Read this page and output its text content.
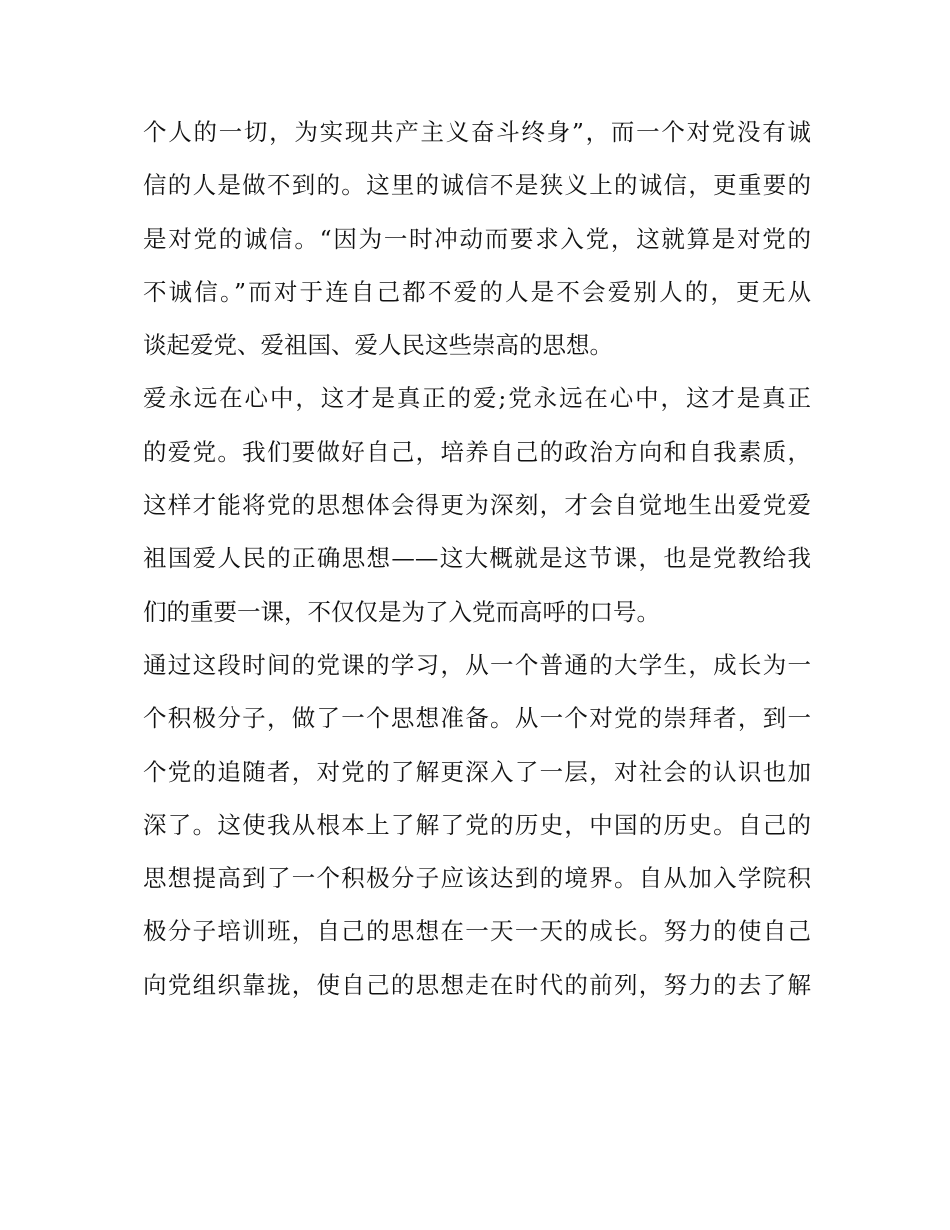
个人的一切，为实现共产主义奋斗终身”，而一个对党没有诚
信的人是做不到的。这里的诚信不是狭义上的诚信，更重要的
是对党的诚信。“因为一时冲动而要求入党，这就算是对党的
不诚信。”而对于连自己都不爱的人是不会爱别人的，更无从
谈起爱党、爱祖国、爱人民这些崇高的思想。
爱永远在心中，这才是真正的爱;党永远在心中，这才是真正
的爱党。我们要做好自己，培养自己的政治方向和自我素质，
这样才能将党的思想体会得更为深刻，才会自觉地生出爱党爱
祖国爱人民的正确思想——这大概就是这节课，也是党教给我
们的重要一课，不仅仅是为了入党而高呼的口号。
通过这段时间的党课的学习，从一个普通的大学生，成长为一
个积极分子，做了一个思想准备。从一个对党的崇拜者，到一
个党的追随者，对党的了解更深入了一层，对社会的认识也加
深了。这使我从根本上了解了党的历史，中国的历史。自己的
思想提高到了一个积极分子应该达到的境界。自从加入学院积
极分子培训班，自己的思想在一天一天的成长。努力的使自己
向党组织靠拢，使自己的思想走在时代的前列，努力的去了解
